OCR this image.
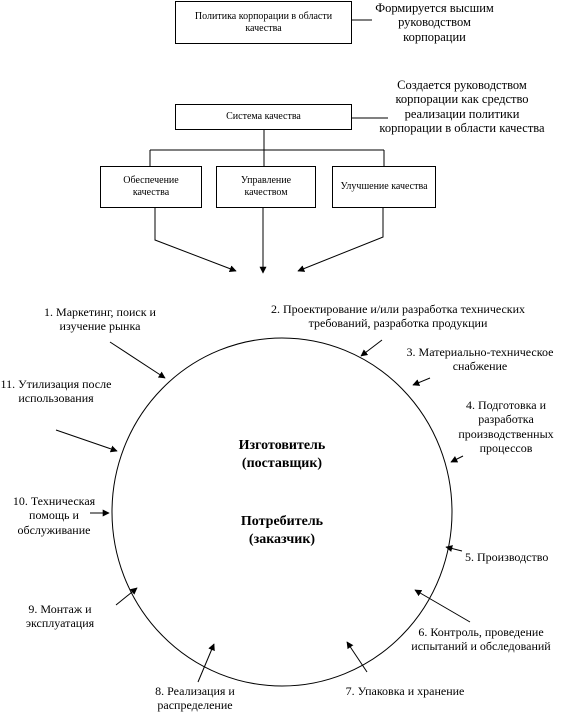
Политика корпорации в области качества
Формируется высшим руководством корпорации
Система качества
Создается руководством корпорации как средство реализации политики корпорации в области качества
Обеспечение качества
Управление качеством
Улучшение качества
Изготовитель (поставщик)
Потребитель (заказчик)
1. Маркетинг, поиск и изучение рынка
2. Проектирование и/или разработка технических требований, разработка продукции
3. Материально-техническое снабжение
4. Подготовка и разработка производственных процессов
5. Производство
6. Контроль, проведение испытаний и обследований
7. Упаковка и хранение
8. Реализация и распределение
9. Монтаж и эксплуатация
10. Техническая помощь и обслуживание
11. Утилизация после использования
